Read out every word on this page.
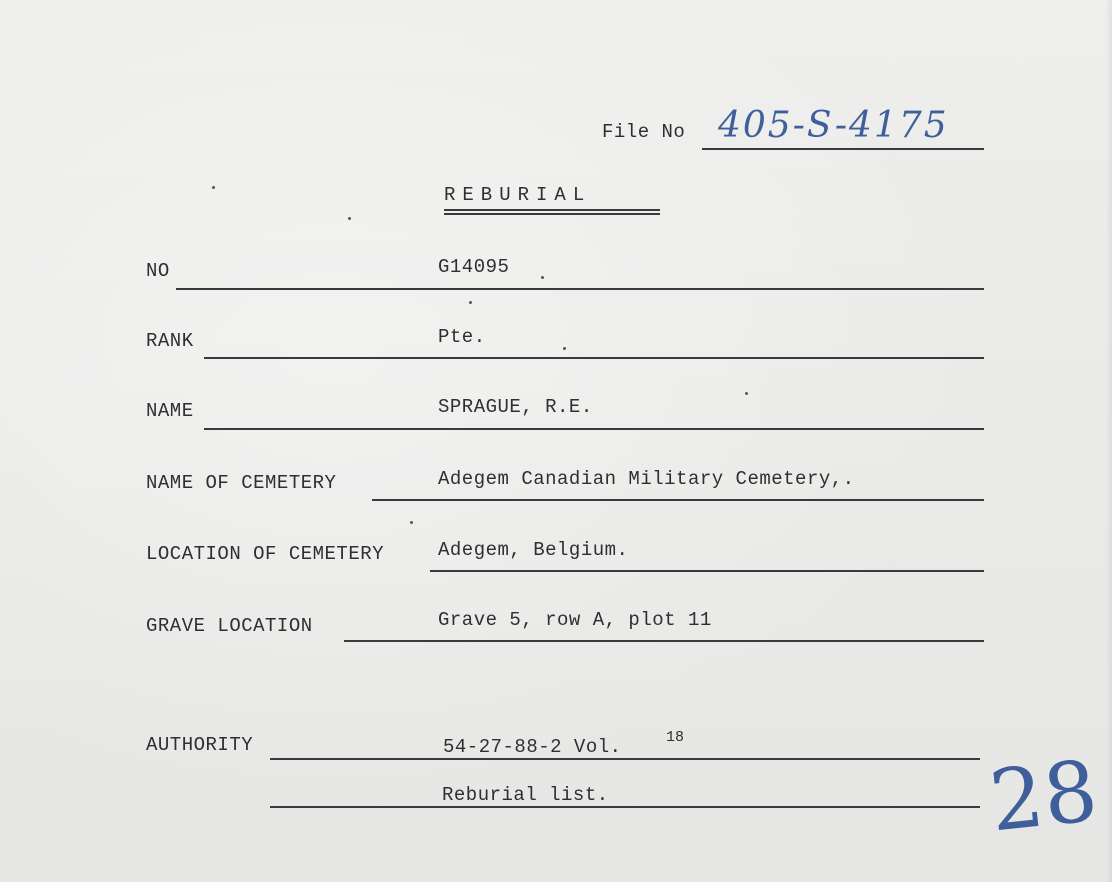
File No 405-S-4175
REBURIAL
NO	G14095
RANK	Pte.
NAME	SPRAGUE, R.E.
NAME OF CEMETERY	Adegem Canadian Military Cemetery,.
LOCATION OF CEMETERY	Adegem, Belgium.
GRAVE LOCATION	Grave 5, row A, plot 11
AUTHORITY	54-27-88-2 Vol.	18
Reburial list.	28
